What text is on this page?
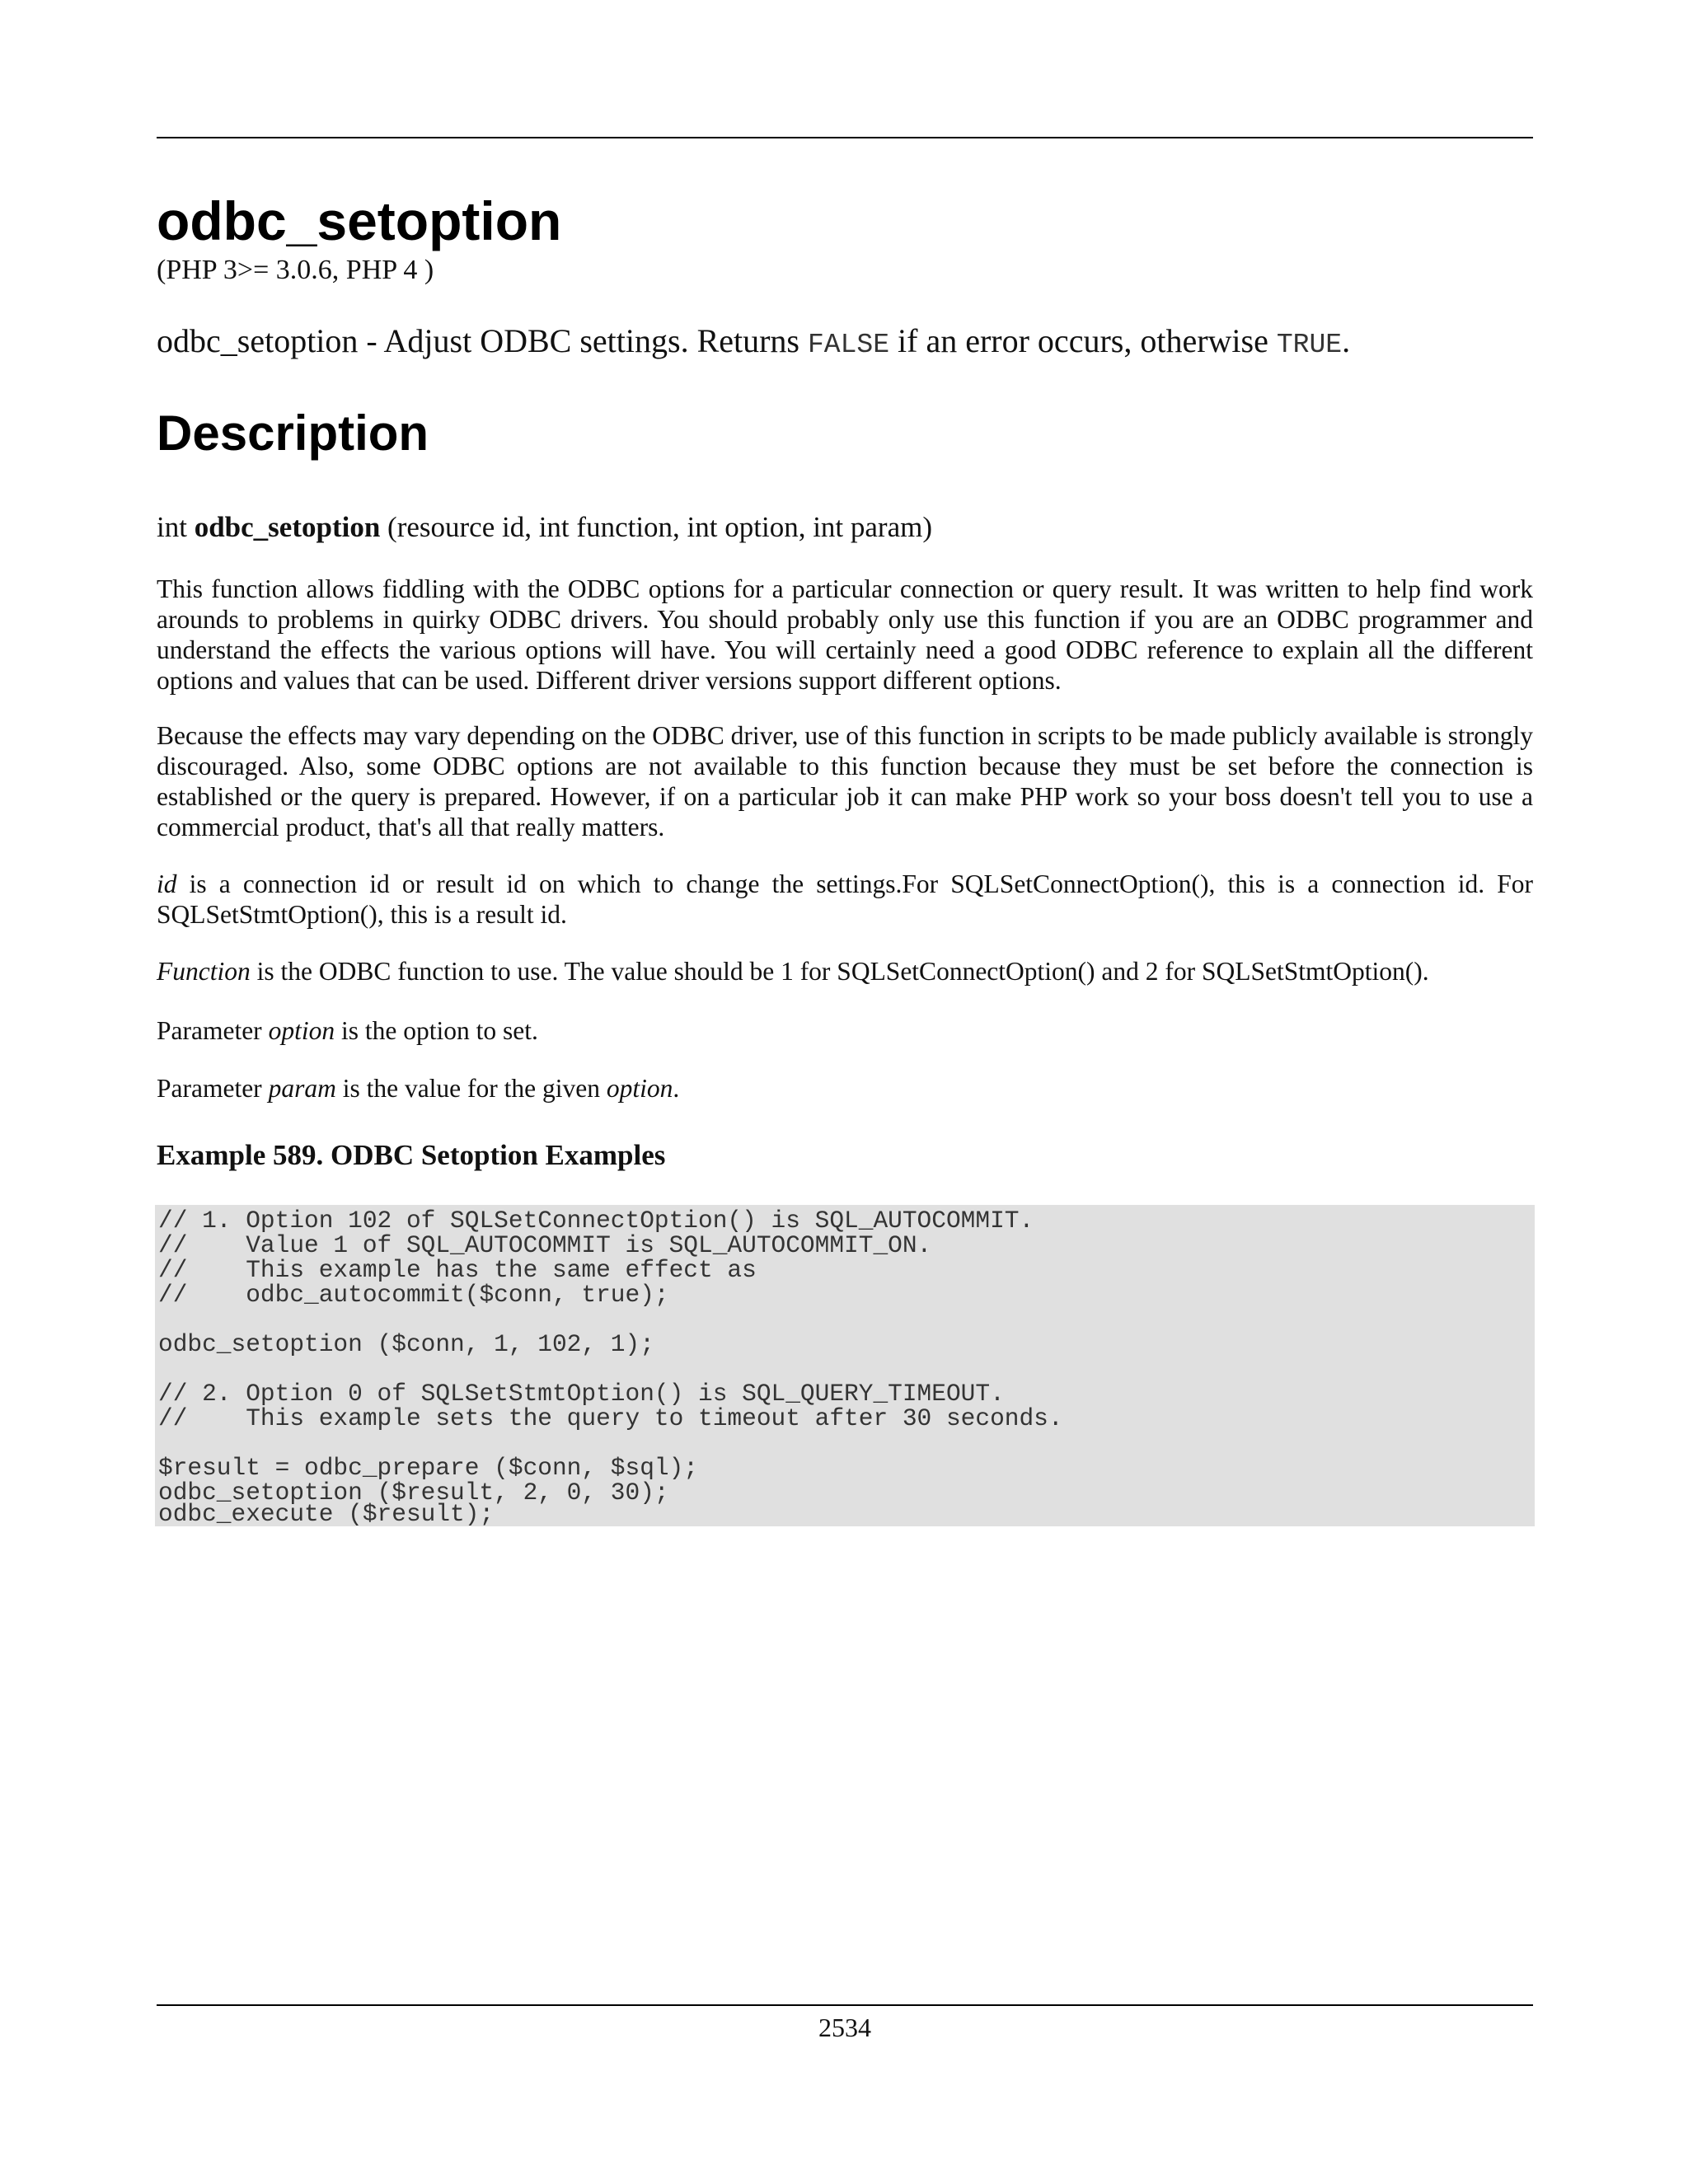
odbc_setoption
(PHP 3>= 3.0.6, PHP 4 )
odbc_setoption - Adjust ODBC settings. Returns FALSE if an error occurs, otherwise TRUE.
Description
int odbc_setoption (resource id, int function, int option, int param)

This function allows fiddling with the ODBC options for a particular connection or query result. It was written to help find work arounds to problems in quirky ODBC drivers. You should probably only use this function if you are an ODBC programmer and understand the effects the various options will have. You will certainly need a good ODBC reference to explain all the different options and values that can be used. Different driver versions support different options.

Because the effects may vary depending on the ODBC driver, use of this function in scripts to be made publicly available is strongly discouraged. Also, some ODBC options are not available to this function because they must be set before the connection is established or the query is prepared. However, if on a particular job it can make PHP work so your boss doesn't tell you to use a commercial product, that's all that really matters.

id is a connection id or result id on which to change the settings.For SQLSetConnectOption(), this is a connection id. For SQLSetStmtOption(), this is a result id.

Function is the ODBC function to use. The value should be 1 for SQLSetConnectOption() and 2 for SQLSetStmtOption().

Parameter option is the option to set.

Parameter param is the value for the given option.

Example 589. ODBC Setoption Examples
// 1. Option 102 of SQLSetConnectOption() is SQL_AUTOCOMMIT.
//    Value 1 of SQL_AUTOCOMMIT is SQL_AUTOCOMMIT_ON.
//    This example has the same effect as
//    odbc_autocommit($conn, true);
odbc_setoption ($conn, 1, 102, 1);
// 2. Option 0 of SQLSetStmtOption() is SQL_QUERY_TIMEOUT.
//    This example sets the query to timeout after 30 seconds.
$result = odbc_prepare ($conn, $sql);
odbc_setoption ($result, 2, 0, 30);
odbc_execute ($result);
2534
